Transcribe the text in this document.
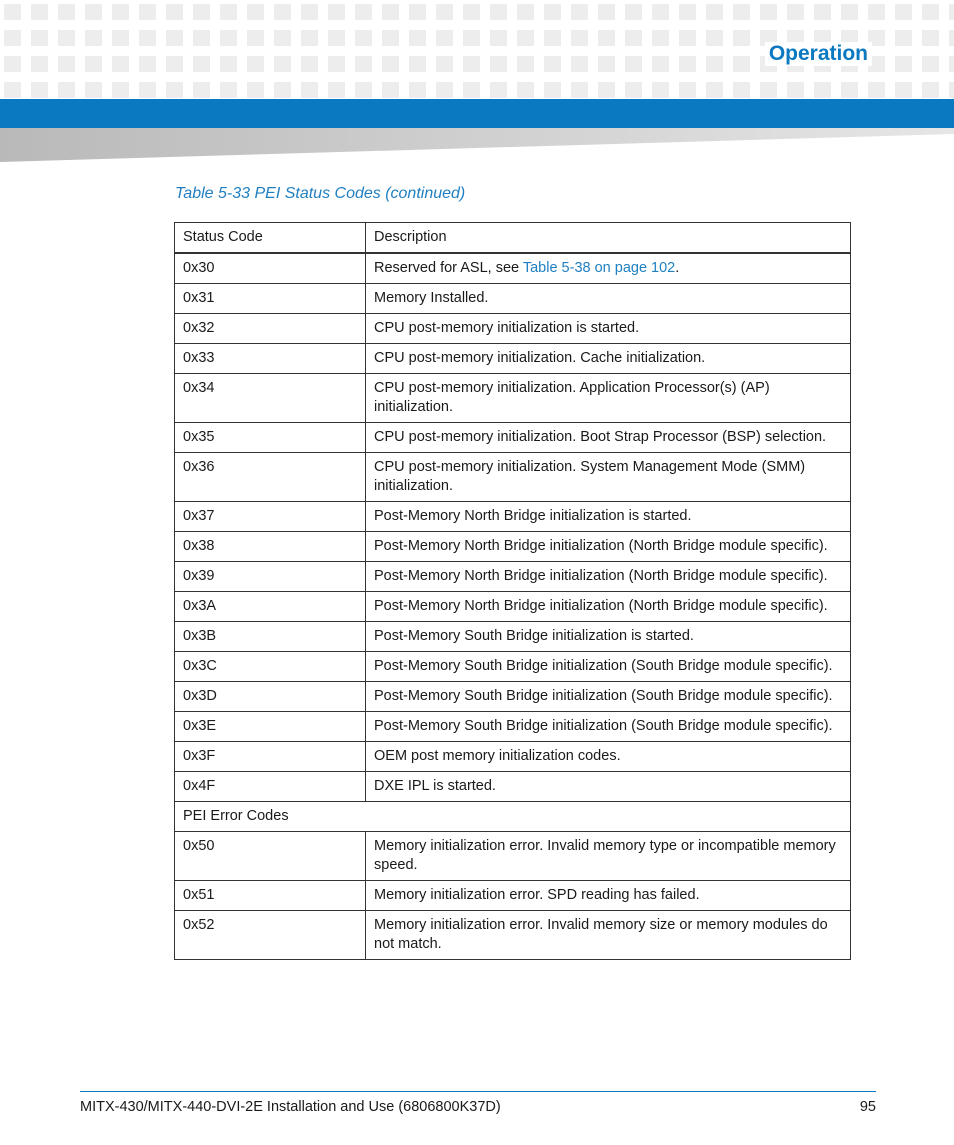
Operation
Table 5-33 PEI Status Codes (continued)
Status Code	Description
0x30	Reserved for ASL, see Table 5-38 on page 102.
0x31	Memory Installed.
0x32	CPU post-memory initialization is started.
0x33	CPU post-memory initialization. Cache initialization.
0x34	CPU post-memory initialization. Application Processor(s) (AP) initialization.
0x35	CPU post-memory initialization. Boot Strap Processor (BSP) selection.
0x36	CPU post-memory initialization. System Management Mode (SMM) initialization.
0x37	Post-Memory North Bridge initialization is started.
0x38	Post-Memory North Bridge initialization (North Bridge module specific).
0x39	Post-Memory North Bridge initialization (North Bridge module specific).
0x3A	Post-Memory North Bridge initialization (North Bridge module specific).
0x3B	Post-Memory South Bridge initialization is started.
0x3C	Post-Memory South Bridge initialization (South Bridge module specific).
0x3D	Post-Memory South Bridge initialization (South Bridge module specific).
0x3E	Post-Memory South Bridge initialization (South Bridge module specific).
0x3F	OEM post memory initialization codes.
0x4F	DXE IPL is started.
PEI Error Codes	
0x50	Memory initialization error. Invalid memory type or incompatible memory speed.
0x51	Memory initialization error. SPD reading has failed.
0x52	Memory initialization error. Invalid memory size or memory modules do not match.
MITX-430/MITX-440-DVI-2E Installation and Use (6806800K37D)	95
